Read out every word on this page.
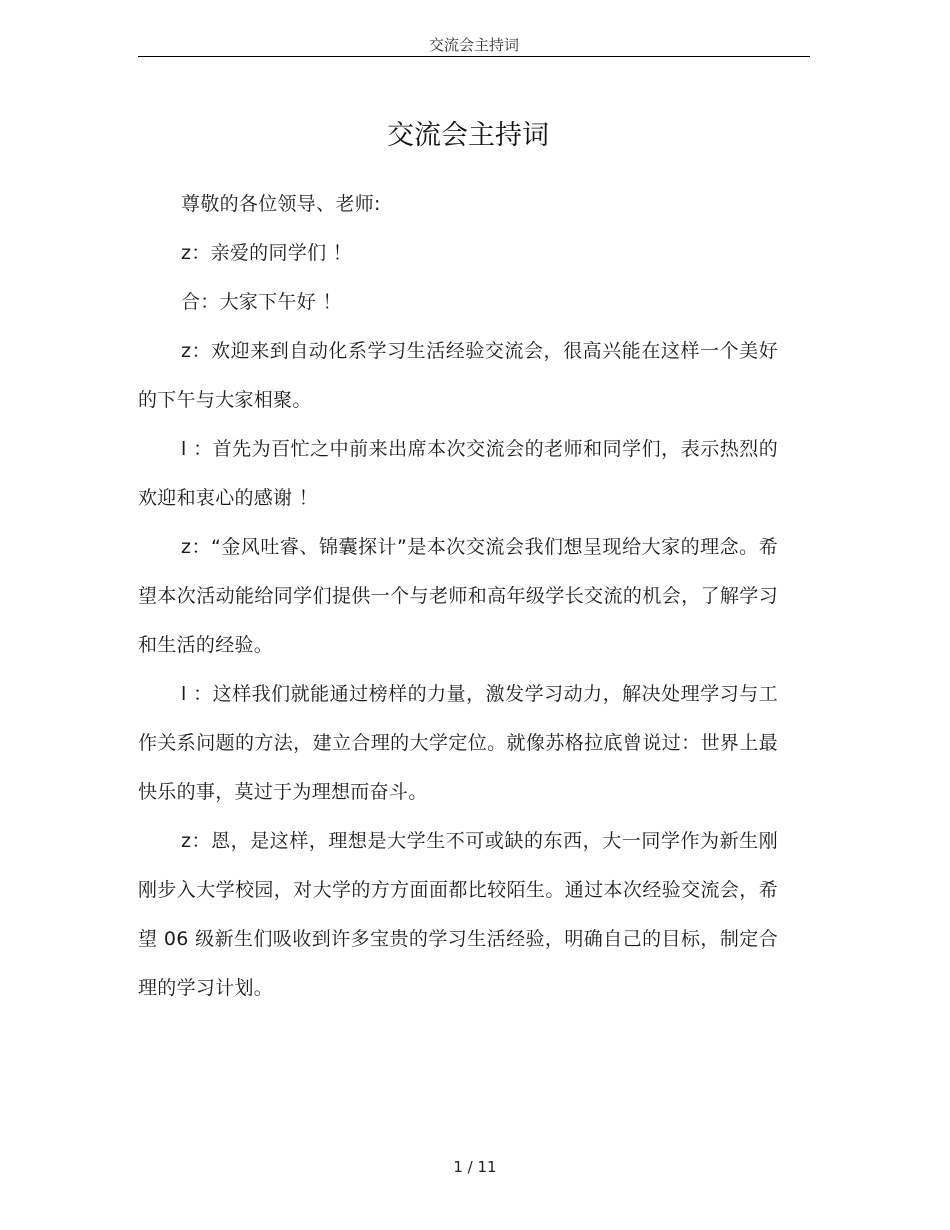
交流会主持词
交流会主持词

尊敬的各位领导、老师:

z：亲爱的同学们 ！

合：大家下午好 ！

z：欢迎来到自动化系学习生活经验交流会，很高兴能在这样一个美好的下午与大家相聚。

l ：首先为百忙之中前来出席本次交流会的老师和同学们，表示热烈的欢迎和衷心的感谢 ！

z：“金风吐睿、锦囊探计”是本次交流会我们想呈现给大家的理念。希望本次活动能给同学们提供一个与老师和高年级学长交流的机会，了解学习和生活的经验。

l ：这样我们就能通过榜样的力量，激发学习动力，解决处理学习与工作关系问题的方法，建立合理的大学定位。就像苏格拉底曾说过：世界上最快乐的事，莫过于为理想而奋斗。

z：恩，是这样，理想是大学生不可或缺的东西，大一同学作为新生刚刚步入大学校园，对大学的方方面面都比较陌生。通过本次经验交流会，希望 06 级新生们吸收到许多宝贵的学习生活经验，明确自己的目标，制定合理的学习计划。

1 / 11
